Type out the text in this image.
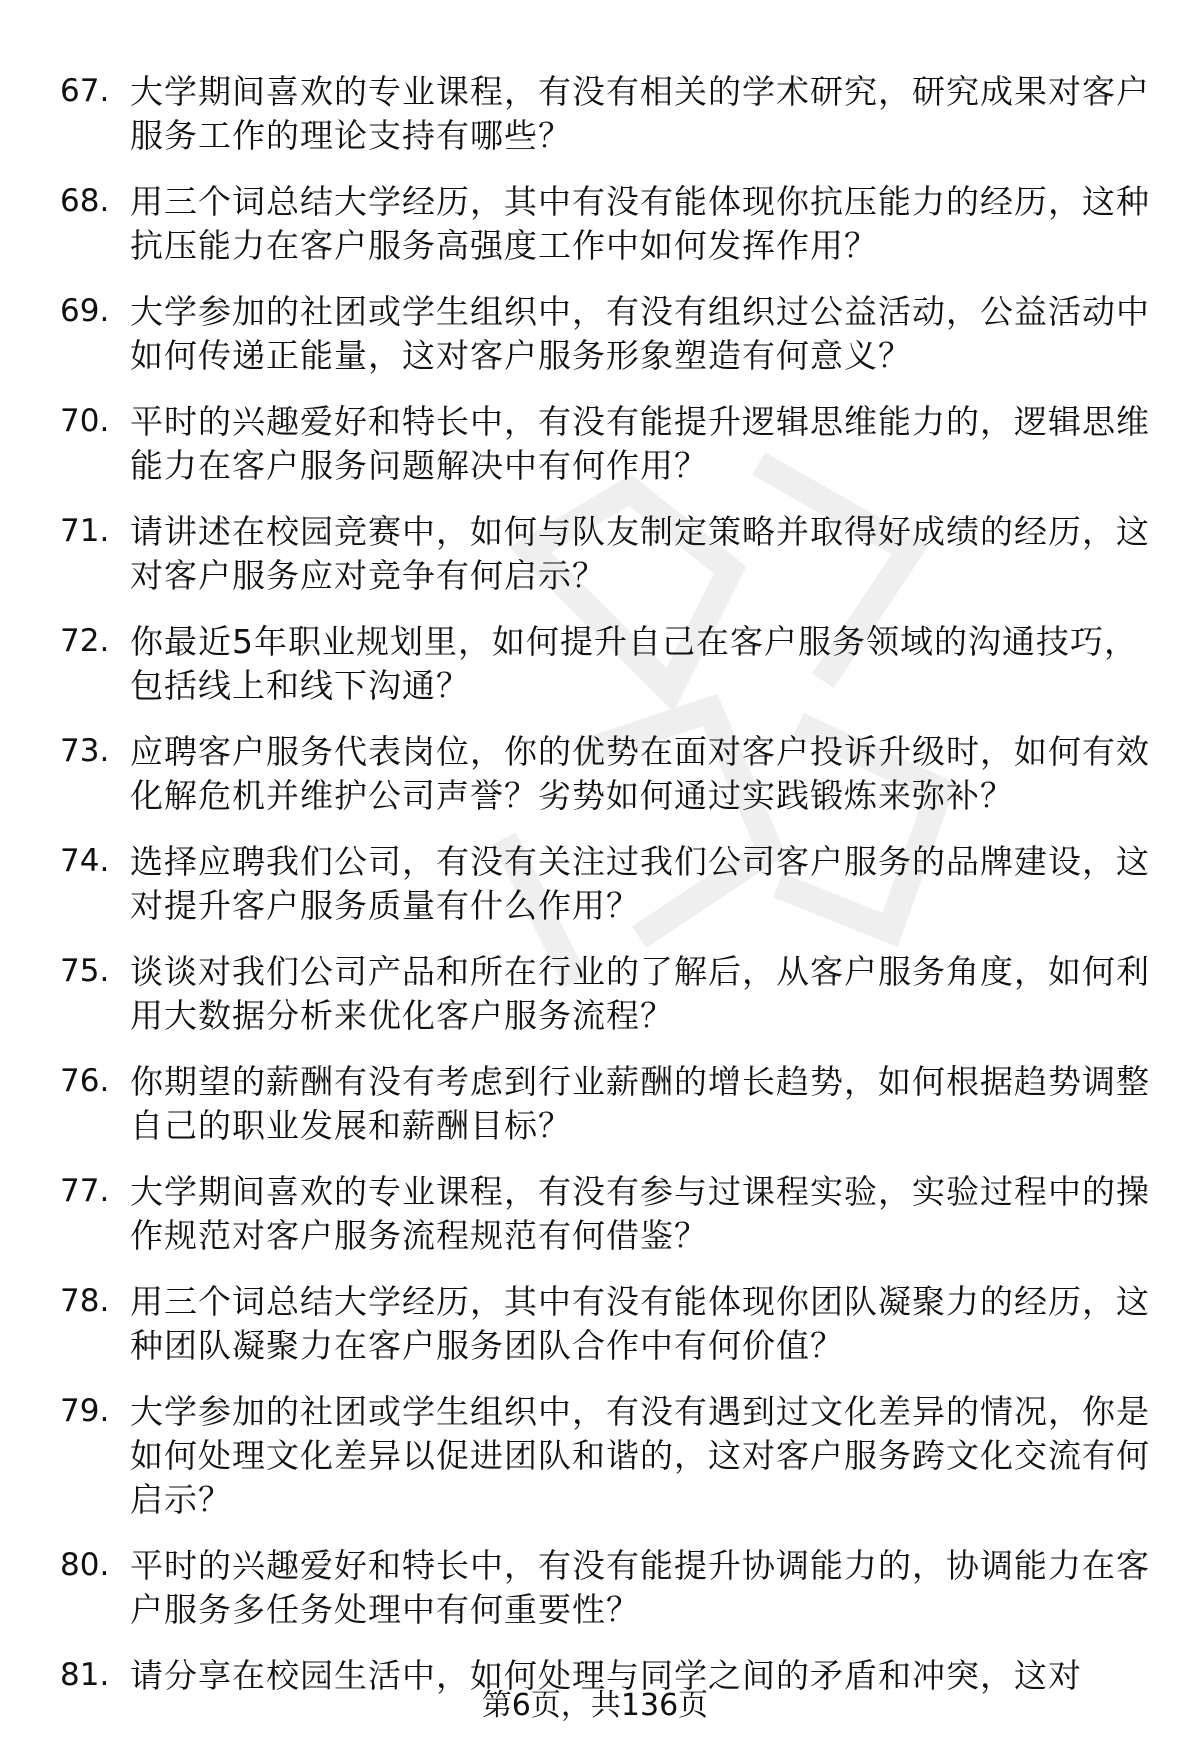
67. 大学期间喜欢的专业课程，有没有相关的学术研究，研究成果对客户服务工作的理论支持有哪些？
68. 用三个词总结大学经历，其中有没有能体现你抗压能力的经历，这种抗压能力在客户服务高强度工作中如何发挥作用？
69. 大学参加的社团或学生组织中，有没有组织过公益活动，公益活动中如何传递正能量，这对客户服务形象塑造有何意义？
70. 平时的兴趣爱好和特长中，有没有能提升逻辑思维能力的，逻辑思维能力在客户服务问题解决中有何作用？
71. 请讲述在校园竞赛中，如何与队友制定策略并取得好成绩的经历，这对客户服务应对竞争有何启示？
72. 你最近5年职业规划里，如何提升自己在客户服务领域的沟通技巧，包括线上和线下沟通？
73. 应聘客户服务代表岗位，你的优势在面对客户投诉升级时，如何有效化解危机并维护公司声誉？劣势如何通过实践锻炼来弥补？
74. 选择应聘我们公司，有没有关注过我们公司客户服务的品牌建设，这对提升客户服务质量有什么作用？
75. 谈谈对我们公司产品和所在行业的了解后，从客户服务角度，如何利用大数据分析来优化客户服务流程？
76. 你期望的薪酬有没有考虑到行业薪酬的增长趋势，如何根据趋势调整自己的职业发展和薪酬目标？
77. 大学期间喜欢的专业课程，有没有参与过课程实验，实验过程中的操作规范对客户服务流程规范有何借鉴？
78. 用三个词总结大学经历，其中有没有能体现你团队凝聚力的经历，这种团队凝聚力在客户服务团队合作中有何价值？
79. 大学参加的社团或学生组织中，有没有遇到过文化差异的情况，你是如何处理文化差异以促进团队和谐的，这对客户服务跨文化交流有何启示？
80. 平时的兴趣爱好和特长中，有没有能提升协调能力的，协调能力在客户服务多任务处理中有何重要性？
81. 请分享在校园生活中，如何处理与同学之间的矛盾和冲突，这对
第6页，共136页
